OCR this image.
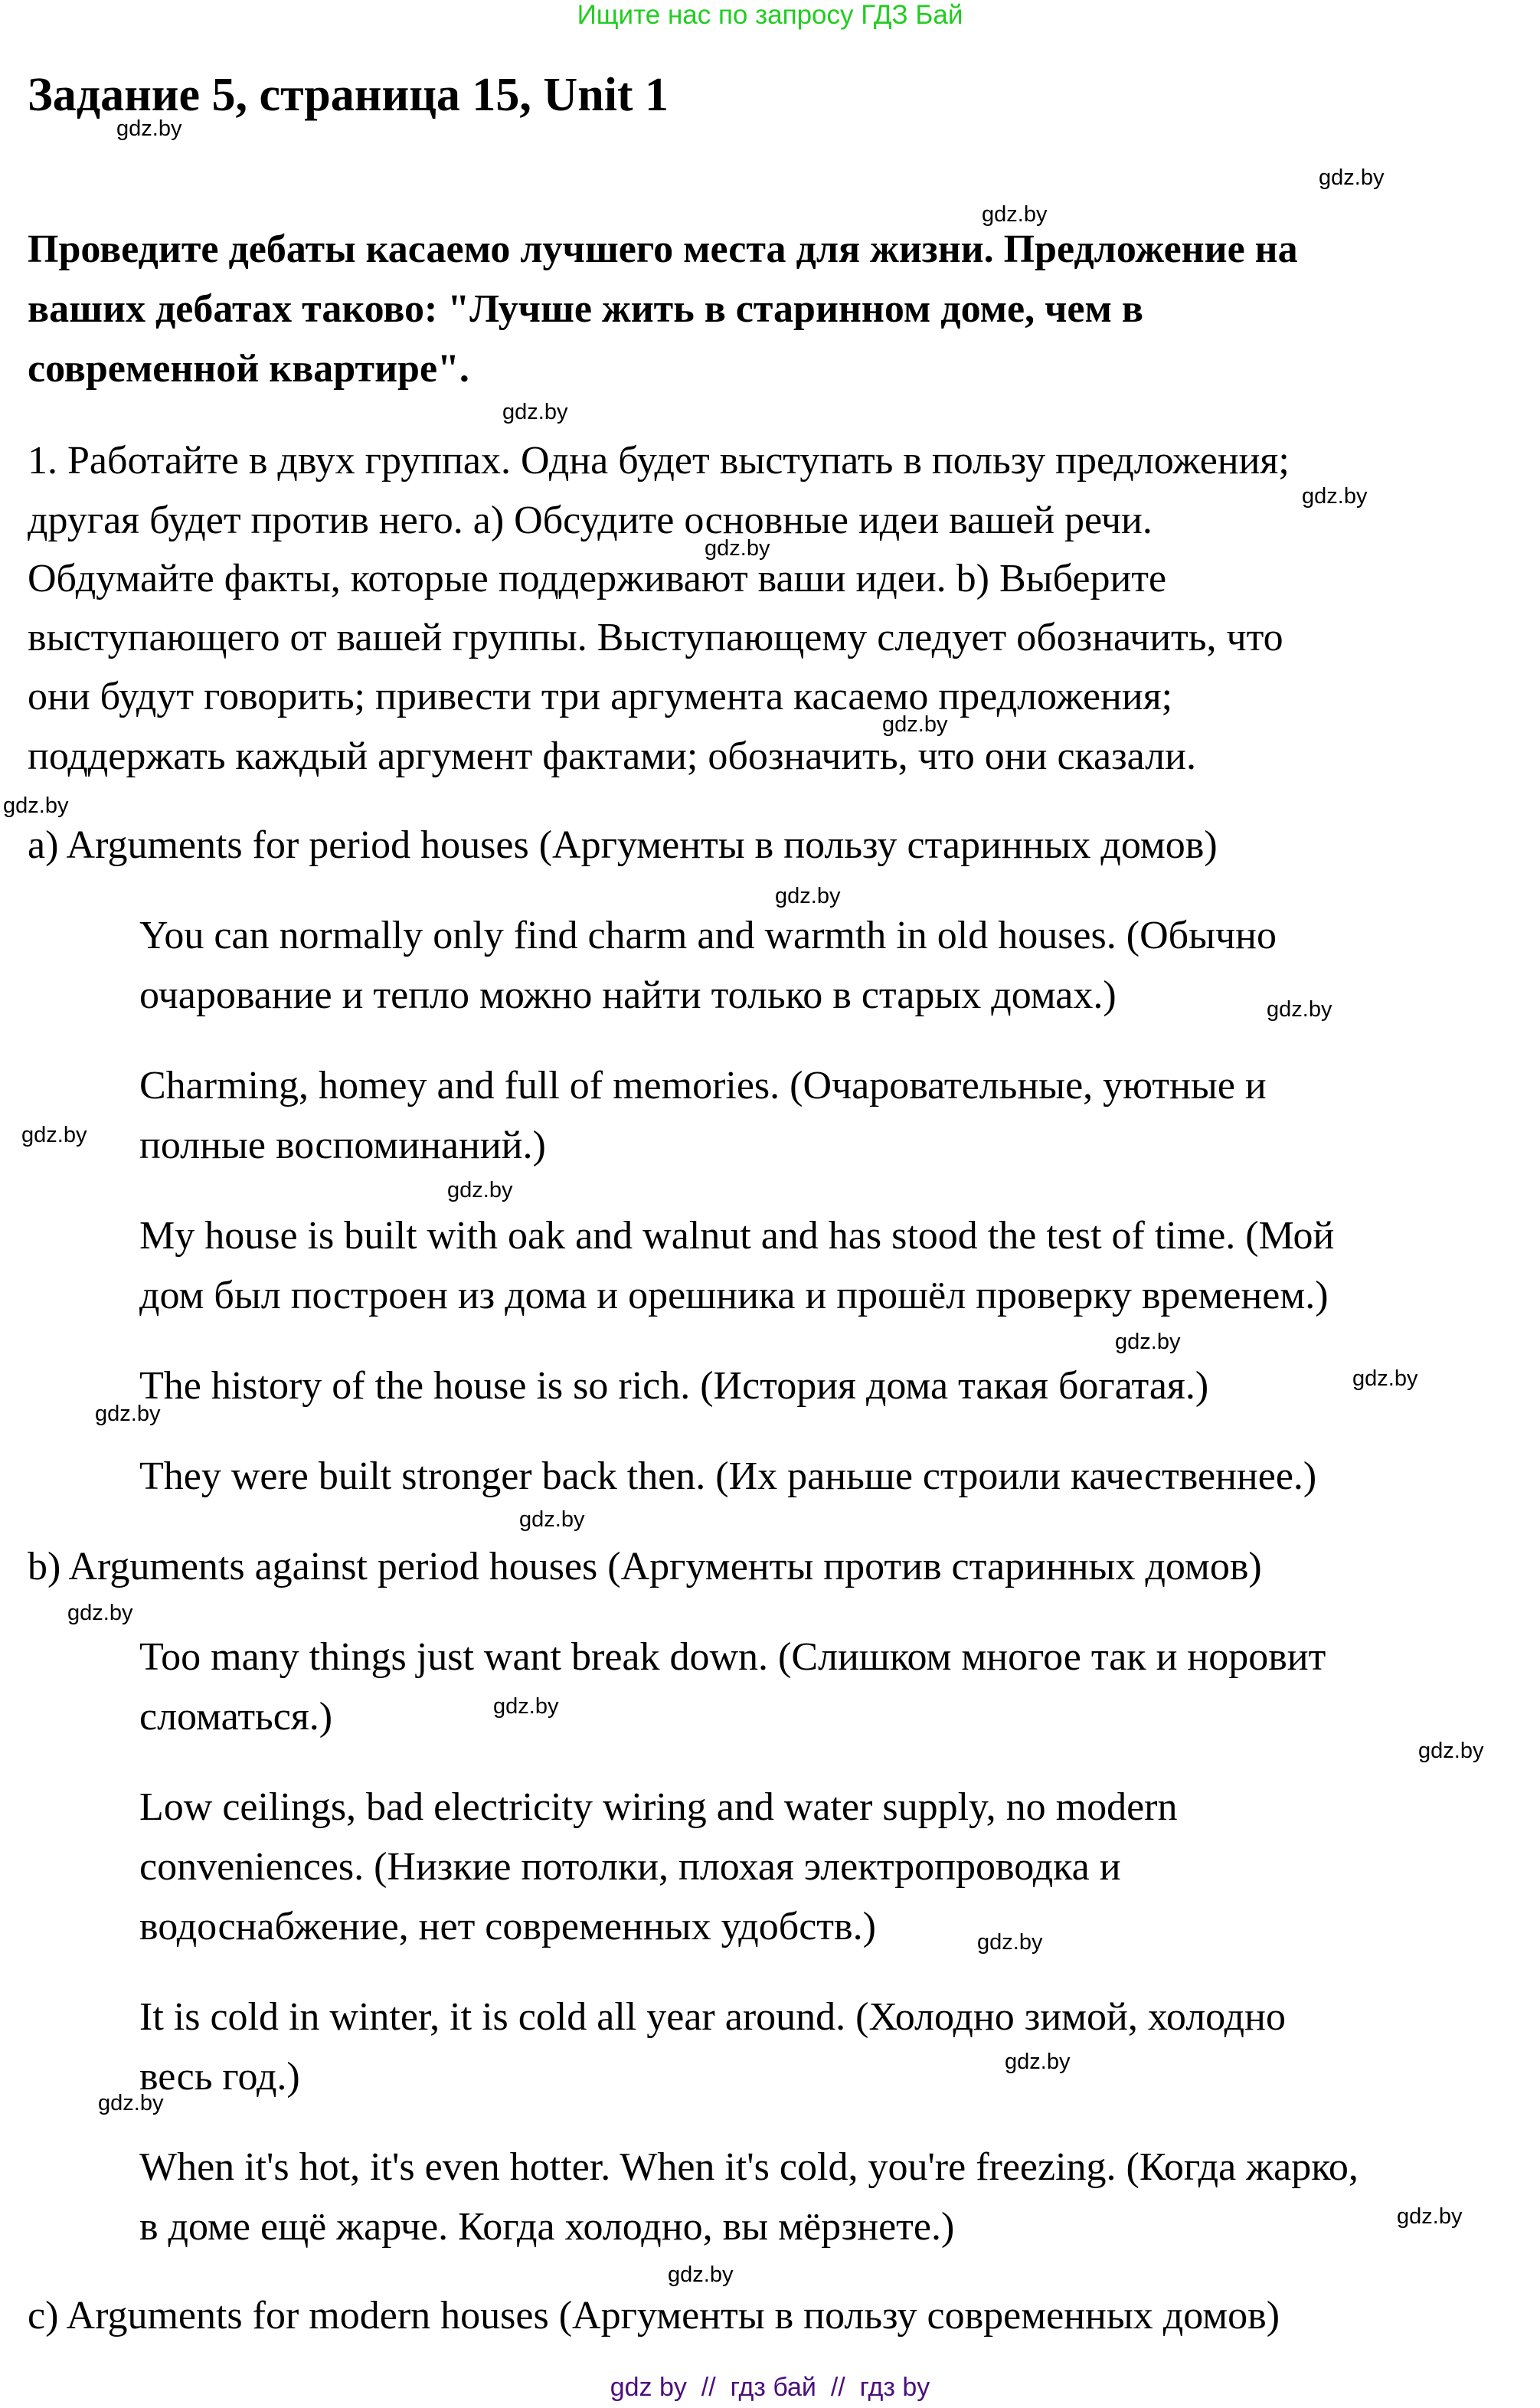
Ищите нас по запросу ГДЗ Бай
Задание 5, страница 15, Unit 1
Проведите дебаты касаемо лучшего места для жизни. Предложение на
ваших дебатах таково: "Лучше жить в старинном доме, чем в
современной квартире".
1. Работайте в двух группах. Одна будет выступать в пользу предложения;
другая будет против него. a) Обсудите основные идеи вашей речи.
Обдумайте факты, которые поддерживают ваши идеи. b) Выберите
выступающего от вашей группы. Выступающему следует обозначить, что
они будут говорить; привести три аргумента касаемо предложения;
поддержать каждый аргумент фактами; обозначить, что они сказали.
a) Arguments for period houses (Аргументы в пользу старинных домов)
You can normally only find charm and warmth in old houses. (Обычно
очарование и тепло можно найти только в старых домах.)
Charming, homey and full of memories. (Очаровательные, уютные и
полные воспоминаний.)
My house is built with oak and walnut and has stood the test of time. (Мой
дом был построен из дома и орешника и прошёл проверку временем.)
The history of the house is so rich. (История дома такая богатая.)
They were built stronger back then. (Их раньше строили качественнее.)
b) Arguments against period houses (Аргументы против старинных домов)
Too many things just want break down. (Слишком многое так и норовит
сломаться.)
Low ceilings, bad electricity wiring and water supply, no modern
conveniences. (Низкие потолки, плохая электропроводка и
водоснабжение, нет современных удобств.)
It is cold in winter, it is cold all year around. (Холодно зимой, холодно
весь год.)
When it's hot, it's even hotter. When it's cold, you're freezing. (Когда жарко,
в доме ещё жарче. Когда холодно, вы мёрзнете.)
c) Arguments for modern houses (Аргументы в пользу современных домов)
gdz.by
gdz.by
gdz.by
gdz.by
gdz.by
gdz.by
gdz.by
gdz.by
gdz.by
gdz.by
gdz.by
gdz.by
gdz.by
gdz.by
gdz.by
gdz.by
gdz.by
gdz.by
gdz.by
gdz.by
gdz.by
gdz.by
gdz.by
gdz.by
gdz by  //  гдз бай  //  гдз by
